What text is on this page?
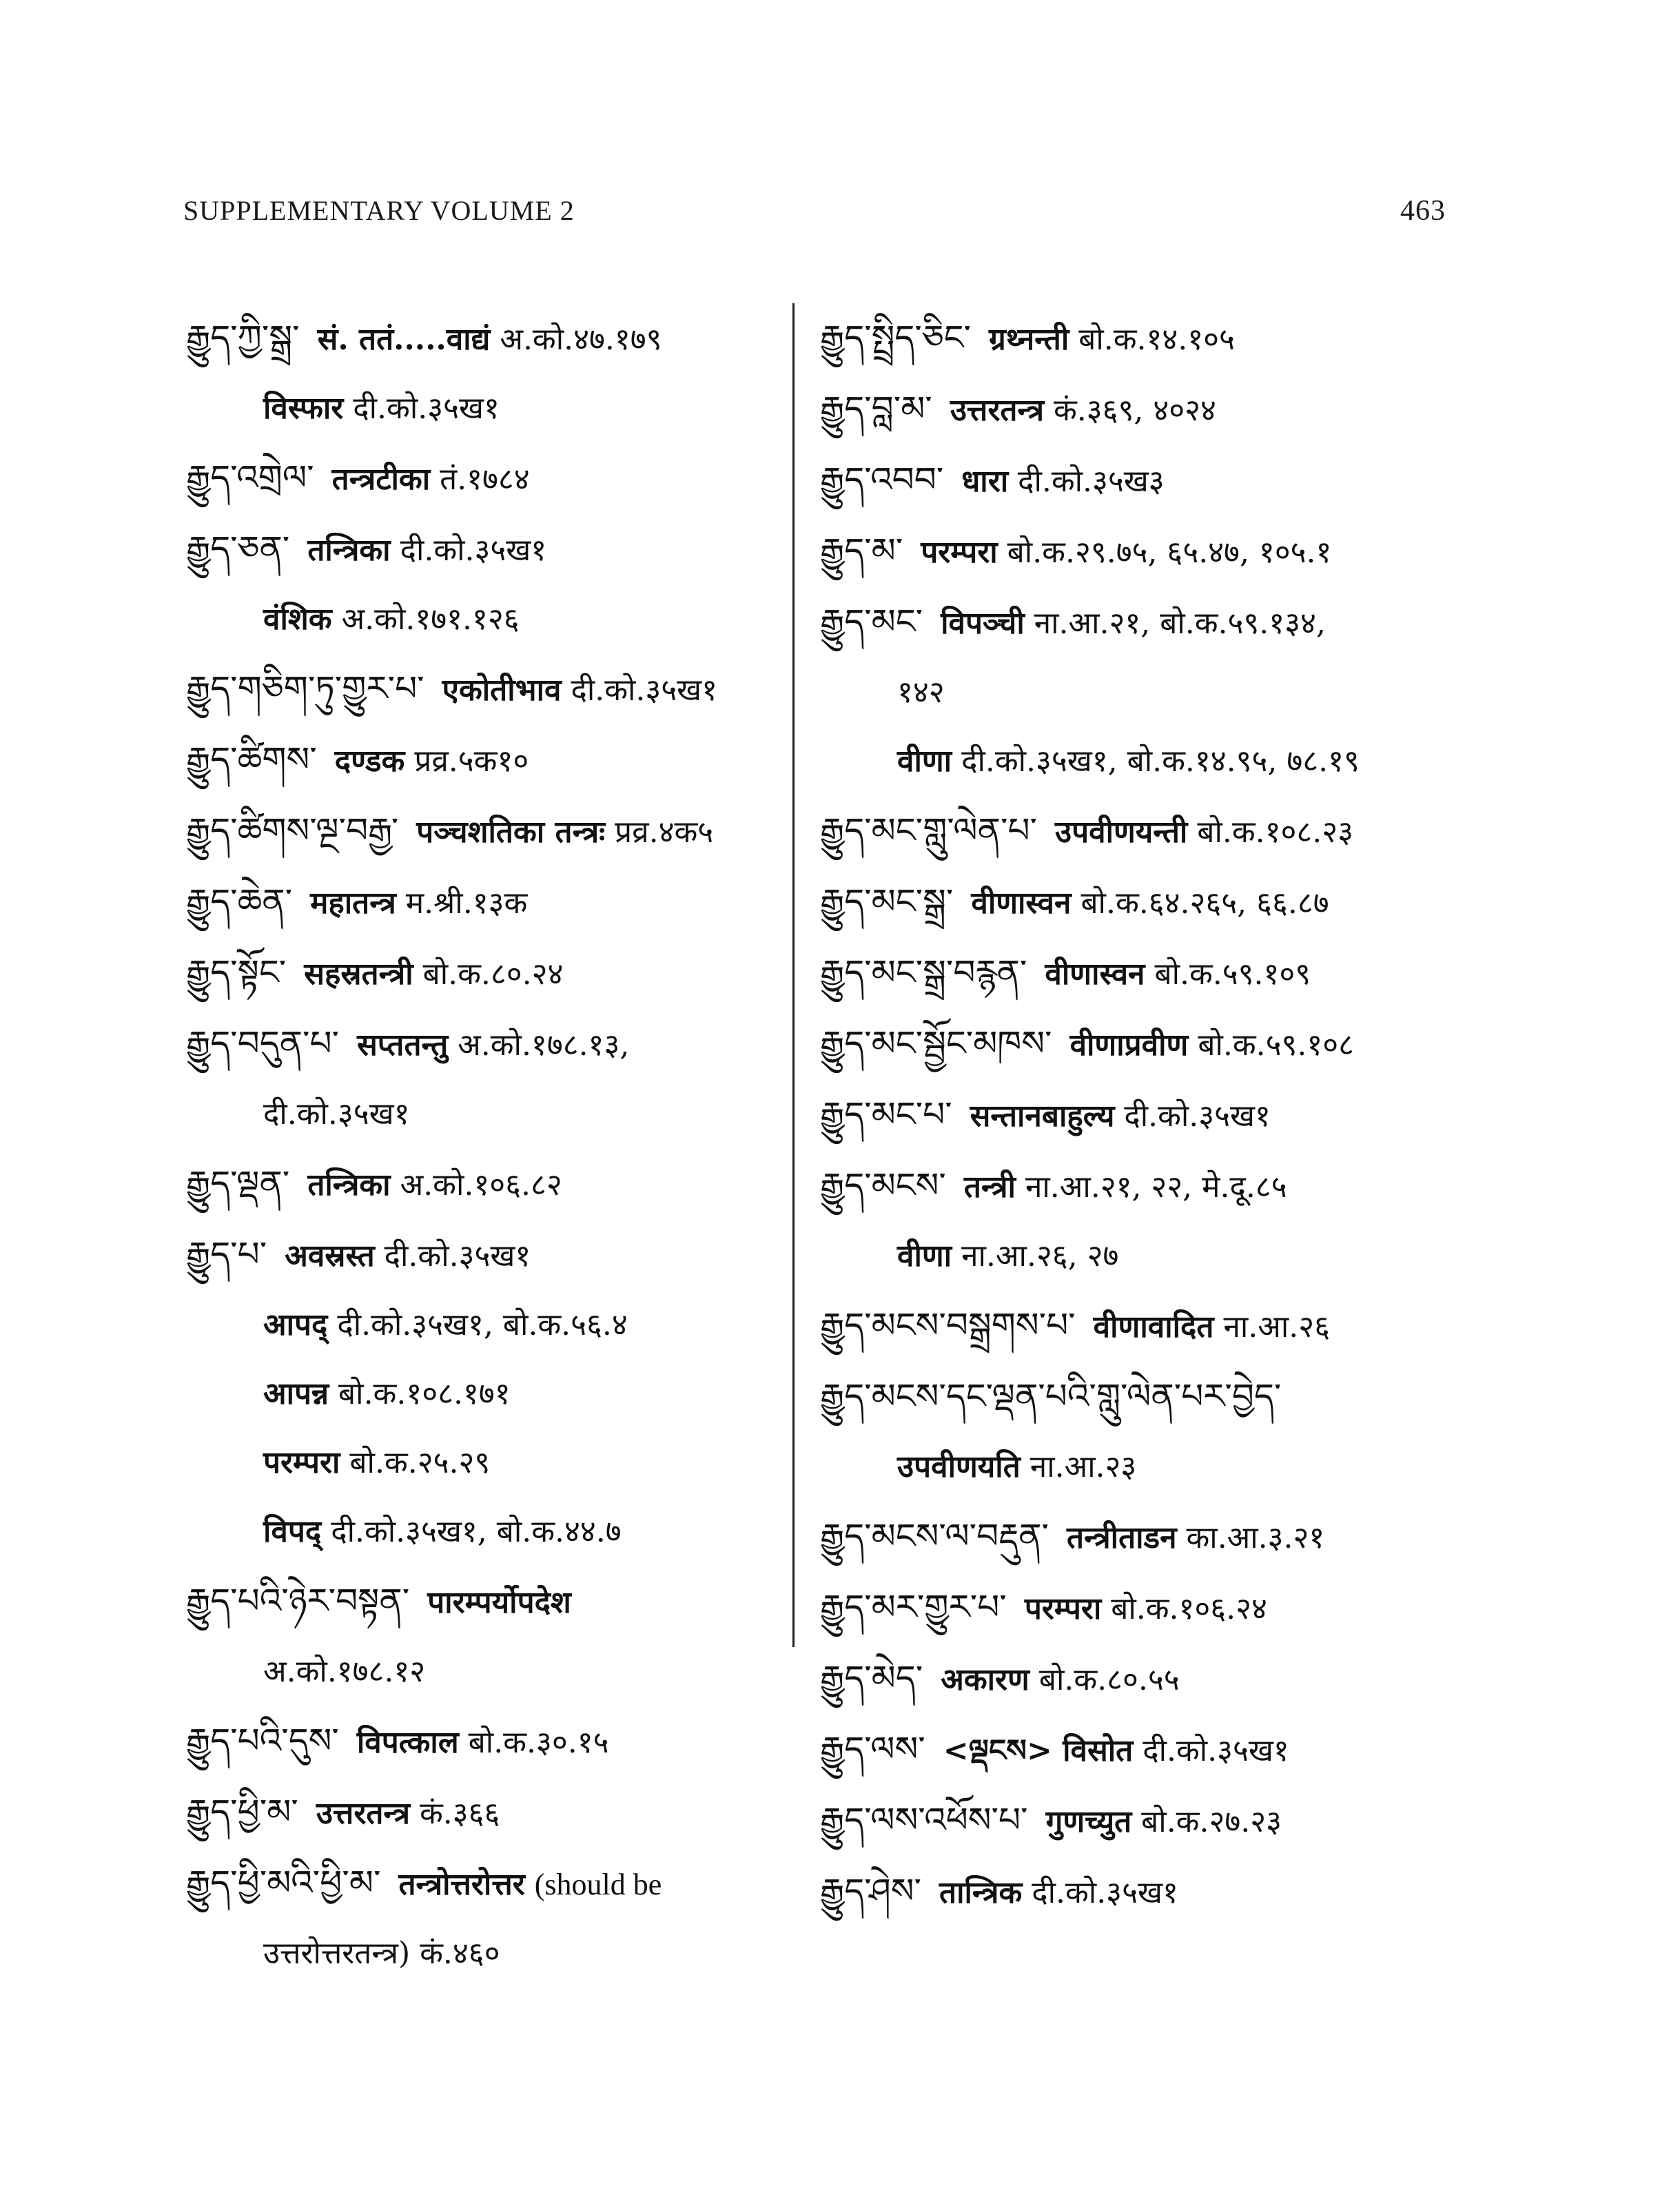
SUPPLEMENTARY VOLUME 2	463
རྒྱུད་ཀྱི་སྒྲ་ सं. ततं.....वाद्यं अ.को.४७.१७९
विस्फार दी.को.३५ख१
རྒྱུད་འགྲེལ་ तन्त्रटीका तं.१७८४
རྒྱུད་ཅན་ तन्त्रिका दी.को.३५ख१
वंशिक अ.को.१७१.१२६
རྒྱུད་གཅིག་ཏུ་གྱུར་པ་ एकोतीभाव दी.को.३५ख१
རྒྱུད་ཚིགས་ दण्डक प्रव्र.५क१०
རྒྱུད་ཚིགས་ལྔ་བརྒྱ་ पञ्चशतिका तन्त्रः प्रव्र.४क५
རྒྱུད་ཆེན་ महातन्त्र म.श्री.१३क
རྒྱུད་སྟོང་ सहस्रतन्त्री बो.क.८०.२४
རྒྱུད་བདུན་པ་ सप्ततन्तु अ.को.१७८.१३,
दी.को.३५ख१
རྒྱུད་ལྡན་ तन्त्रिका अ.को.१०६.८२
རྒྱུད་པ་ अवस्रस्त दी.को.३५ख१
आपद् दी.को.३५ख१, बो.क.५६.४
आपन्न बो.क.१०८.१७१
परम्परा बो.क.२५.२९
विपद् दी.को.३५ख१, बो.क.४४.७
རྒྱུད་པའི་ཉེར་བསྟན་ पारम्पर्योपदेश
अ.को.१७८.१२
རྒྱུད་པའི་དུས་ विपत्काल बो.क.३०.१५
རྒྱུད་ཕྱི་མ་ उत्तरतन्त्र कं.३६६
རྒྱུད་ཕྱི་མའི་ཕྱི་མ་ तन्त्रोत्तरोत्तर (should be
उत्तरोत्तरतन्त्र) कं.४६०
རྒྱུད་སྤྲིད་ཅིང་ ग्रथ्नन्ती बो.क.१४.१०५
རྒྱུད་བླ་མ་ उत्तरतन्त्र कं.३६९, ४०२४
རྒྱུད་འབབ་ धारा दी.को.३५ख३
རྒྱུད་མ་ परम्परा बो.क.२९.७५, ६५.४७, १०५.१
རྒྱུད་མང་ विपञ्ची ना.आ.२१, बो.क.५९.१३४,
१४२
वीणा दी.को.३५ख१, बो.क.१४.९५, ७८.१९
རྒྱུད་མང་གླུ་ལེན་པ་ उपवीणयन्ती बो.क.१०८.२३
རྒྱུད་མང་སྒྲ་ वीणास्वन बो.क.६४.२६५, ६६.८७
རྒྱུད་མང་སྒྲ་བརྙན་ वीणास्वन बो.क.५९.१०९
རྒྱུད་མང་སྦྱོང་མཁས་ वीणाप्रवीण बो.क.५९.१०८
རྒྱུད་མང་པ་ सन्तानबाहुल्य दी.को.३५ख१
རྒྱུད་མངས་ तन्त्री ना.आ.२१, २२, मे.दू.८५
वीणा ना.आ.२६, २७
རྒྱུད་མངས་བསྒྲགས་པ་ वीणावादित ना.आ.२६
རྒྱུད་མངས་དང་ལྡན་པའི་གླུ་ལེན་པར་བྱེད་
उपवीणयति ना.आ.२३
རྒྱུད་མངས་ལ་བརྡུན་ तन्त्रीताडन का.आ.३.२१
རྒྱུད་མར་གྱུར་པ་ परम्परा बो.क.१०६.२४
རྒྱུད་མེད་ अकारण बो.क.८०.५५
རྒྱུད་ལས་ <ལྡངས> विसोत दी.को.३५ख१
རྒྱུད་ལས་འཕོས་པ་ गुणच्युत बो.क.२७.२३
རྒྱུད་ཤེས་ तान्त्रिक दी.को.३५ख१
